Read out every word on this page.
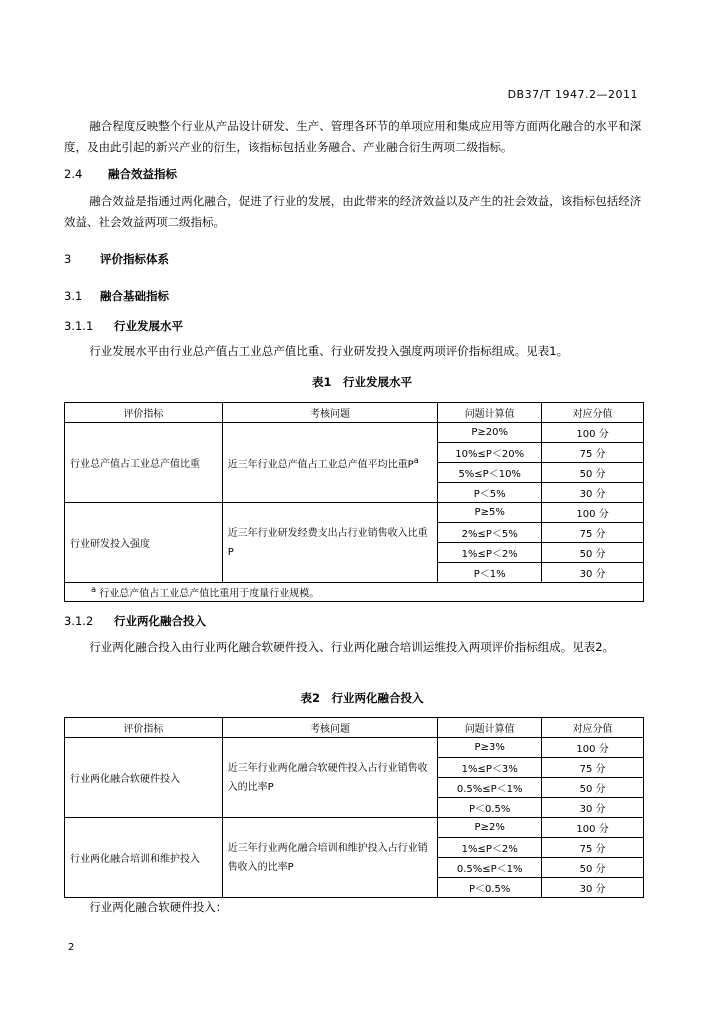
DB37/T 1947.2—2011
融合程度反映整个行业从产品设计研发、生产、管理各环节的单项应用和集成应用等方面两化融合的水平和深度，及由此引起的新兴产业的衍生，该指标包括业务融合、产业融合衍生两项二级指标。
2.4 融合效益指标
融合效益是指通过两化融合，促进了行业的发展，由此带来的经济效益以及产生的社会效益，该指标包括经济效益、社会效益两项二级指标。
3 评价指标体系
3.1 融合基础指标
3.1.1 行业发展水平
行业发展水平由行业总产值占工业总产值比重、行业研发投入强度两项评价指标组成。见表1。
表1　行业发展水平
评价指标	考核问题	问题计算值	对应分值
行业总产值占工业总产值比重	近三年行业总产值占工业总产值平均比重$P^a$	P≥20%	100 分
		10%≤P＜20%	75 分
		5%≤P＜10%	50 分
		P＜5%	30 分
行业研发投入强度	近三年行业研发经费支出占行业销售收入比重 P	P≥5%	100 分
		2%≤P＜5%	75 分
		1%≤P＜2%	50 分
		P＜1%	30 分
$^a$ 行业总产值占工业总产值比重用于度量行业规模。			
3.1.2 行业两化融合投入
行业两化融合投入由行业两化融合软硬件投入、行业两化融合培训运维投入两项评价指标组成。见表2。
表2　行业两化融合投入
评价指标	考核问题	问题计算值	对应分值
行业两化融合软硬件投入	近三年行业两化融合软硬件投入占行业销售收入的比率P	P≥3%	100 分
		1%≤P＜3%	75 分
		0.5%≤P＜1%	50 分
		P＜0.5%	30 分
行业两化融合培训和维护投入	近三年行业两化融合培训和维护投入占行业销售收入的比率P	P≥2%	100 分
		1%≤P＜2%	75 分
		0.5%≤P＜1%	50 分
		P＜0.5%	30 分
行业两化融合软硬件投入：
2
